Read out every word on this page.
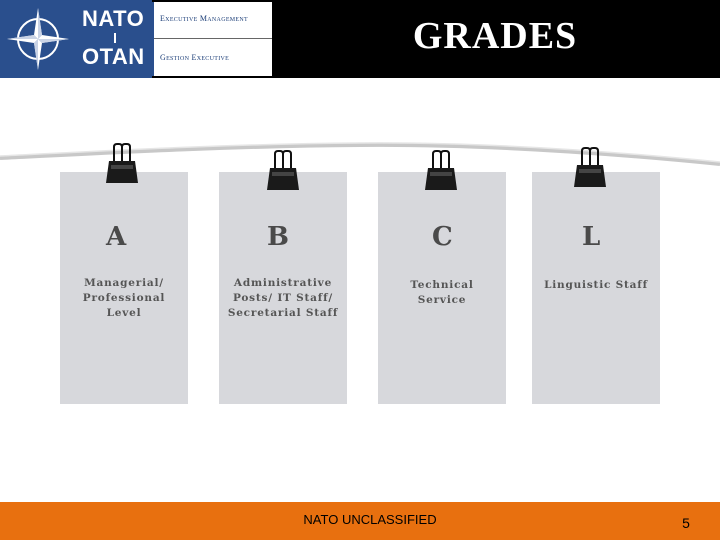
NATO
OTAN
Executive Management
Gestion Executive
GRADES
A
Managerial/
Professional
Level
B
Administrative
Posts/ IT Staff/
Secretarial Staff
C
Technical
Service
L
Linguistic Staff
NATO UNCLASSIFIED	5
